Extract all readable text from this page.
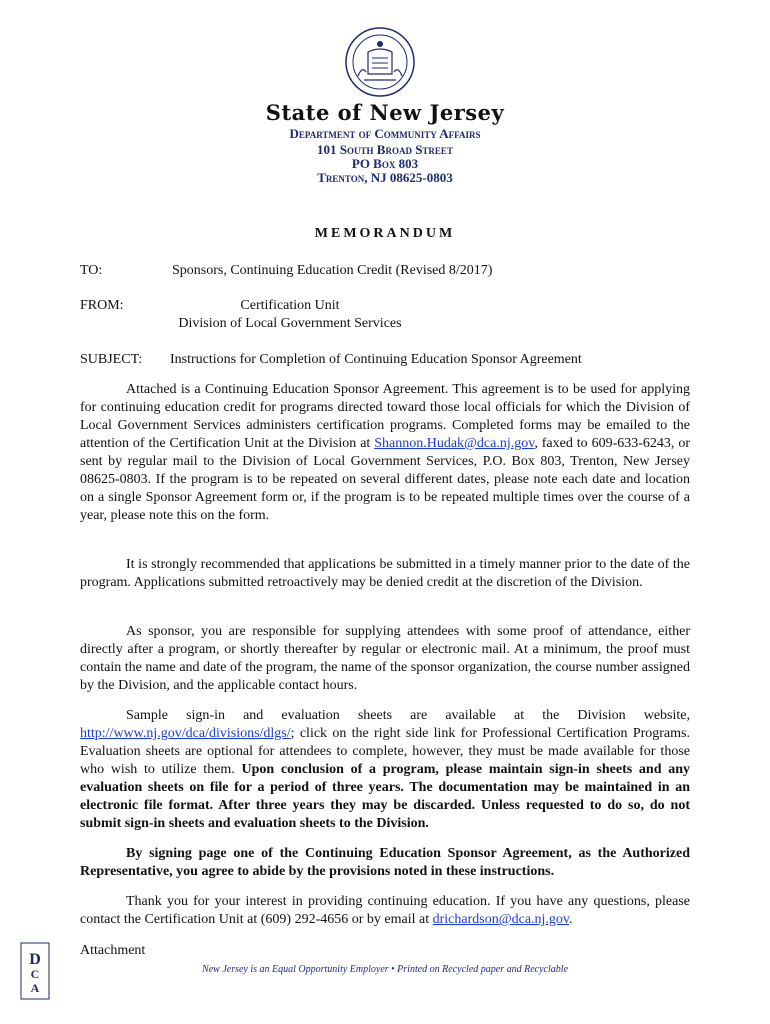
State of New Jersey
Department of Community Affairs
101 South Broad Street
PO Box 803
Trenton, NJ 08625-0803
MEMORANDUM
TO:	Sponsors, Continuing Education Credit (Revised 8/2017)
FROM:	Certification Unit
Division of Local Government Services
SUBJECT: Instructions for Completion of Continuing Education Sponsor Agreement

Attached is a Continuing Education Sponsor Agreement. This agreement is to be used for applying for continuing education credit for programs directed toward those local officials for which the Division of Local Government Services administers certification programs. Completed forms may be emailed to the attention of the Certification Unit at the Division at Shannon.Hudak@dca.nj.gov, faxed to 609-633-6243, or sent by regular mail to the Division of Local Government Services, P.O. Box 803, Trenton, New Jersey 08625-0803. If the program is to be repeated on several different dates, please note each date and location on a single Sponsor Agreement form or, if the program is to be repeated multiple times over the course of a year, please note this on the form.

It is strongly recommended that applications be submitted in a timely manner prior to the date of the program. Applications submitted retroactively may be denied credit at the discretion of the Division.

As sponsor, you are responsible for supplying attendees with some proof of attendance, either directly after a program, or shortly thereafter by regular or electronic mail. At a minimum, the proof must contain the name and date of the program, the name of the sponsor organization, the course number assigned by the Division, and the applicable contact hours.

Sample sign-in and evaluation sheets are available at the Division website, http://www.nj.gov/dca/divisions/dlgs/; click on the right side link for Professional Certification Programs. Evaluation sheets are optional for attendees to complete, however, they must be made available for those who wish to utilize them. Upon conclusion of a program, please maintain sign-in sheets and any evaluation sheets on file for a period of three years. The documentation may be maintained in an electronic file format. After three years they may be discarded. Unless requested to do so, do not submit sign-in sheets and evaluation sheets to the Division.

By signing page one of the Continuing Education Sponsor Agreement, as the Authorized Representative, you agree to abide by the provisions noted in these instructions.

Thank you for your interest in providing continuing education. If you have any questions, please contact the Certification Unit at (609) 292-4656 or by email at drichardson@dca.nj.gov.

Attachment
D
C
A
New Jersey is an Equal Opportunity Employer • Printed on Recycled paper and Recyclable
